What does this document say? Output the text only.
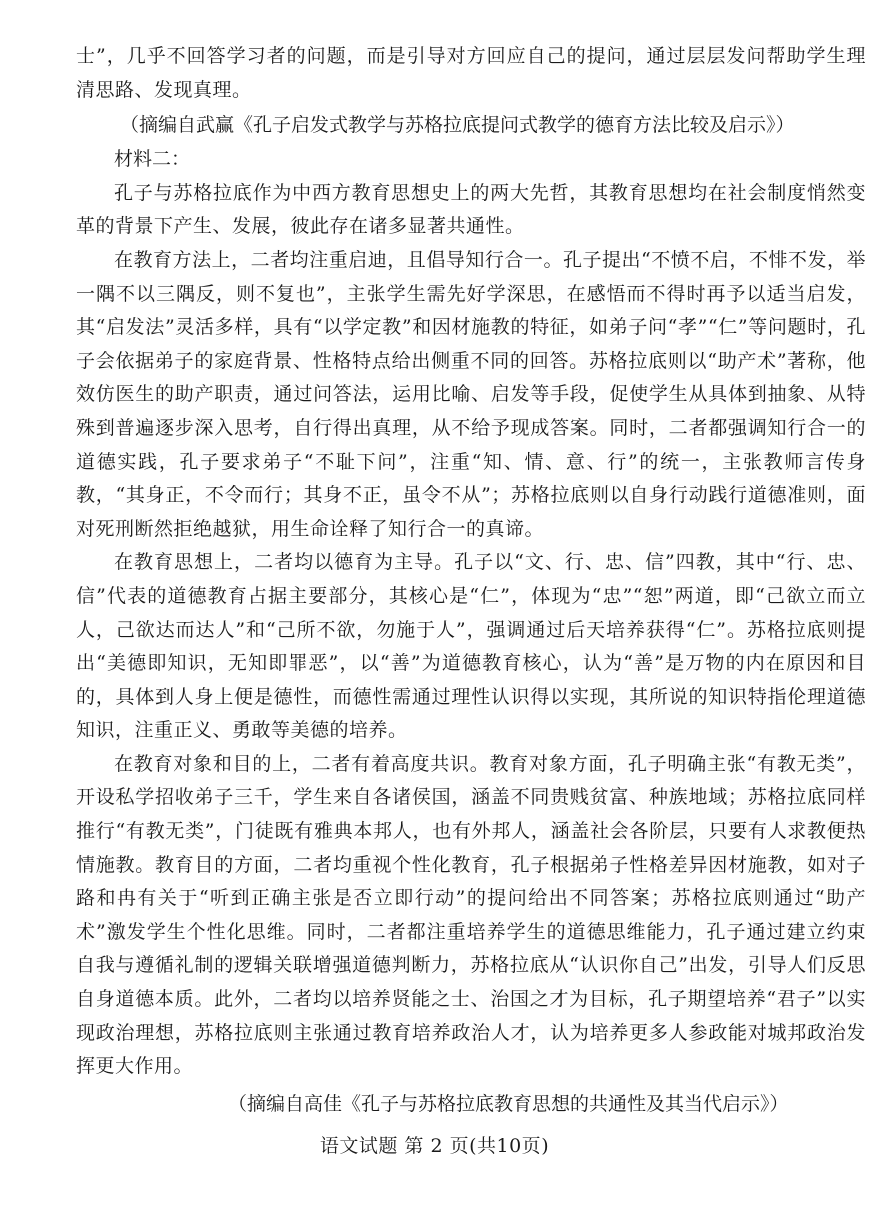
士”，几乎不回答学习者的问题，而是引导对方回应自己的提问，通过层层发问帮助学生理清思路、发现真理。

（摘编自武赢《孔子启发式教学与苏格拉底提问式教学的德育方法比较及启示》）

材料二：

孔子与苏格拉底作为中西方教育思想史上的两大先哲，其教育思想均在社会制度悄然变革的背景下产生、发展，彼此存在诸多显著共通性。

在教育方法上，二者均注重启迪，且倡导知行合一。孔子提出“不愤不启，不悱不发，举一隅不以三隅反，则不复也”，主张学生需先好学深思，在感悟而不得时再予以适当启发，其“启发法”灵活多样，具有“以学定教”和因材施教的特征，如弟子问“孝”“仁”等问题时，孔子会依据弟子的家庭背景、性格特点给出侧重不同的回答。苏格拉底则以“助产术”著称，他效仿医生的助产职责，通过问答法，运用比喻、启发等手段，促使学生从具体到抽象、从特殊到普遍逐步深入思考，自行得出真理，从不给予现成答案。同时，二者都强调知行合一的道德实践，孔子要求弟子“不耻下问”，注重“知、情、意、行”的统一，主张教师言传身教，“其身正，不令而行；其身不正，虽令不从”；苏格拉底则以自身行动践行道德准则，面对死刑断然拒绝越狱，用生命诠释了知行合一的真谛。

在教育思想上，二者均以德育为主导。孔子以“文、行、忠、信”四教，其中“行、忠、信”代表的道德教育占据主要部分，其核心是“仁”，体现为“忠”“恕”两道，即“己欲立而立人，己欲达而达人”和“己所不欲，勿施于人”，强调通过后天培养获得“仁”。苏格拉底则提出“美德即知识，无知即罪恶”，以“善”为道德教育核心，认为“善”是万物的内在原因和目的，具体到人身上便是德性，而德性需通过理性认识得以实现，其所说的知识特指伦理道德知识，注重正义、勇敢等美德的培养。

在教育对象和目的上，二者有着高度共识。教育对象方面，孔子明确主张“有教无类”，开设私学招收弟子三千，学生来自各诸侯国，涵盖不同贵贱贫富、种族地域；苏格拉底同样推行“有教无类”，门徒既有雅典本邦人，也有外邦人，涵盖社会各阶层，只要有人求教便热情施教。教育目的方面，二者均重视个性化教育，孔子根据弟子性格差异因材施教，如对子路和冉有关于“听到正确主张是否立即行动”的提问给出不同答案；苏格拉底则通过“助产术”激发学生个性化思维。同时，二者都注重培养学生的道德思维能力，孔子通过建立约束自我与遵循礼制的逻辑关联增强道德判断力，苏格拉底从“认识你自己”出发，引导人们反思自身道德本质。此外，二者均以培养贤能之士、治国之才为目标，孔子期望培养“君子”以实现政治理想，苏格拉底则主张通过教育培养政治人才，认为培养更多人参政能对城邦政治发挥更大作用。

（摘编自高佳《孔子与苏格拉底教育思想的共通性及其当代启示》）

语文试题 第 2 页(共10页)
